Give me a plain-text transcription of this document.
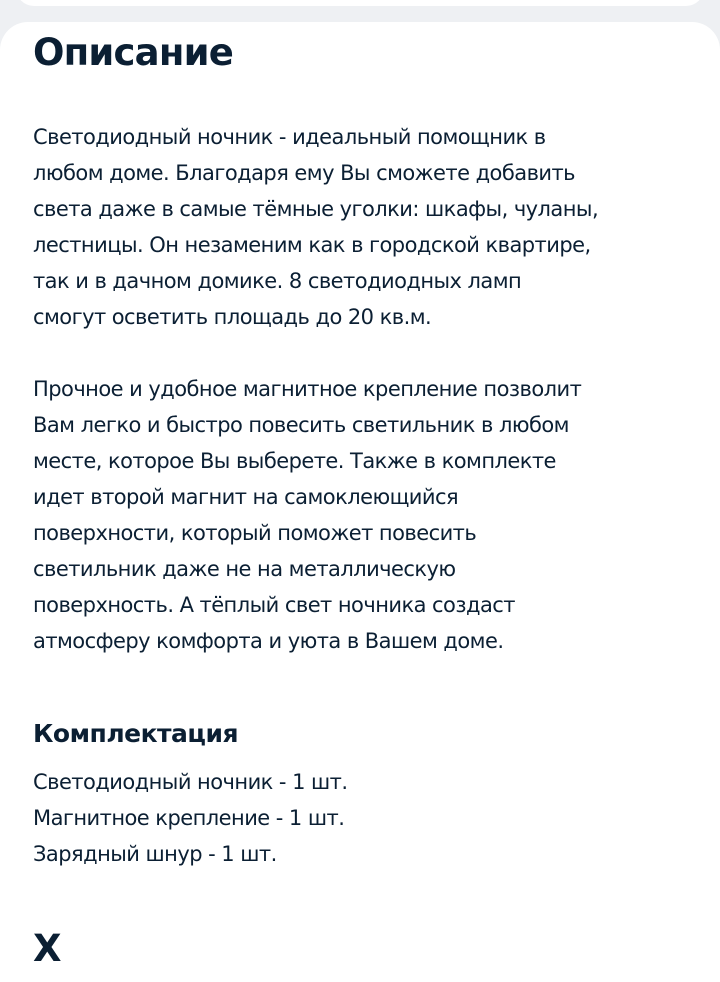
Описание

Светодиодный ночник - идеальный помощник в
любом доме. Благодаря ему Вы сможете добавить
света даже в самые тёмные уголки: шкафы, чуланы,
лестницы. Он незаменим как в городской квартире,
так и в дачном домике. 8 светодиодных ламп
смогут осветить площадь до 20 кв.м.

Прочное и удобное магнитное крепление позволит
Вам легко и быстро повесить светильник в любом
месте, которое Вы выберете. Также в комплекте
идет второй магнит на самоклеющийся
поверхности, который поможет повесить
светильник даже не на металлическую
поверхность. А тёплый свет ночника создаст
атмосферу комфорта и уюта в Вашем доме.

Комплектация
Светодиодный ночник - 1 шт.
Магнитное крепление - 1 шт.
Зарядный шнур - 1 шт.
Х
